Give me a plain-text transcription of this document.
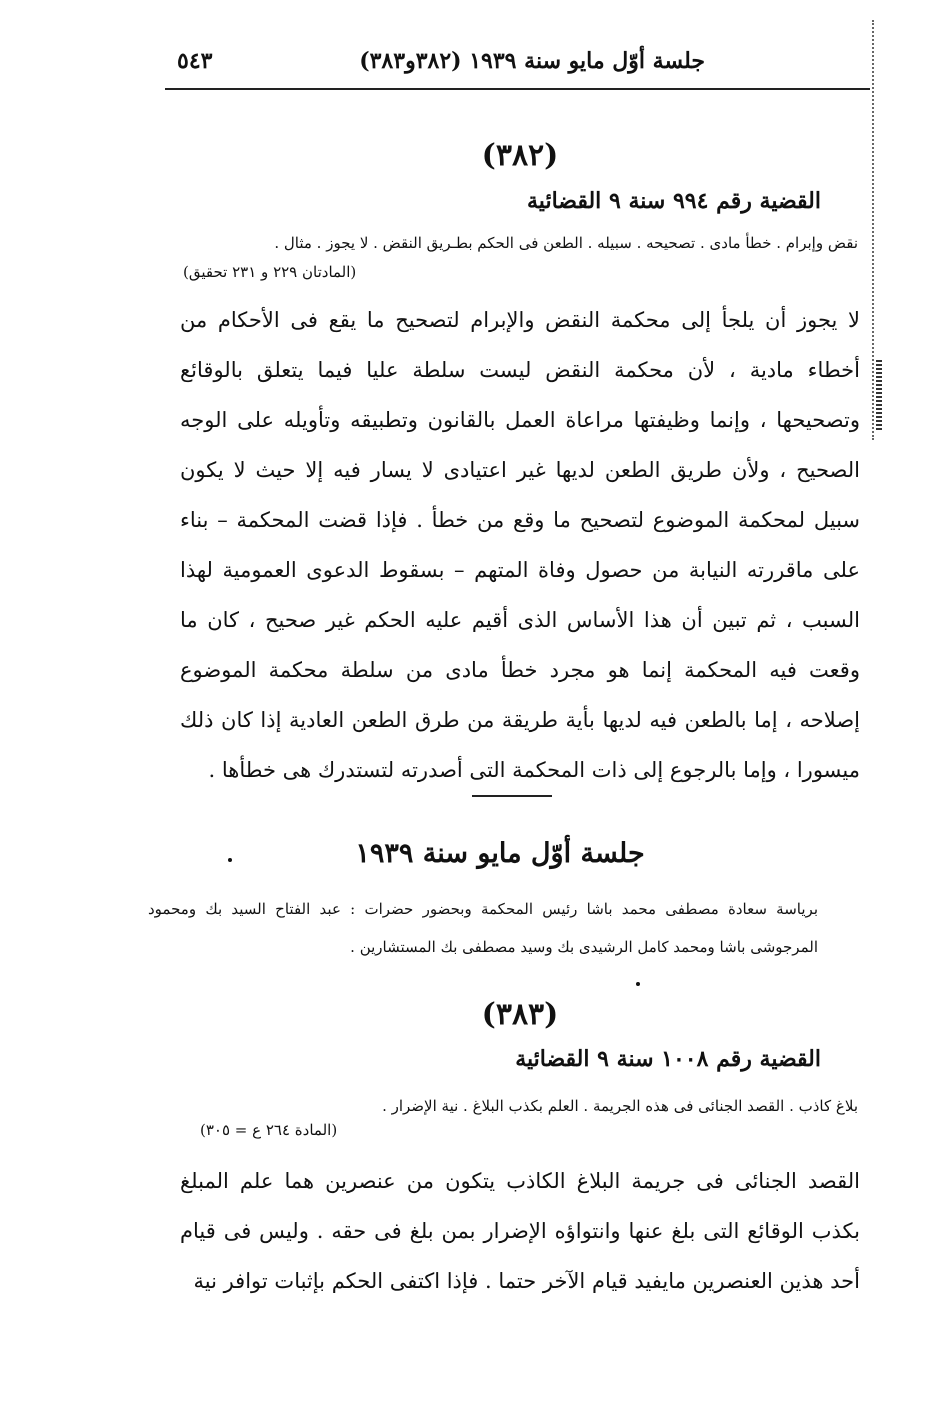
جلسة أوّل مايو سنة ١٩٣٩ (٣٨٢و٣٨٣)
٥٤٣
(٣٨٢)
القضية رقم ٩٩٤ سنة ٩ القضائية
نقض وإبرام . خطأ مادى . تصحيحه . سبيله . الطعن فى الحكم بطـريق النقض . لا يجوز . مثال .
(المادتان ٢٢٩ و ٢٣١ تحقيق)
لا يجوز أن يلجأ إلى محكمة النقض والإبرام لتصحيح ما يقع فى الأحكام من أخطاء مادية ، لأن محكمة النقض ليست سلطة عليا فيما يتعلق بالوقائع وتصحيحها ، وإنما وظيفتها مراعاة العمل بالقانون وتطبيقه وتأويله على الوجه الصحيح ، ولأن طريق الطعن لديها غير اعتيادى لا يسار فيه إلا حيث لا يكون سبيل لمحكمة الموضوع لتصحيح ما وقع من خطأ . فإذا قضت المحكمة – بناء على ماقررته النيابة من حصول وفاة المتهم – بسقوط الدعوى العمومية لهذا السبب ، ثم تبين أن هذا الأساس الذى أقيم عليه الحكم غير صحيح ، كان ما وقعت فيه المحكمة إنما هو مجرد خطأ مادى من سلطة محكمة الموضوع إصلاحه ، إما بالطعن فيه لديها بأية طريقة من طرق الطعن العادية إذا كان ذلك ميسورا ، وإما بالرجوع إلى ذات المحكمة التى أصدرته لتستدرك هى خطأها .
جلسة أوّل مايو سنة ١٩٣٩
برياسة سعادة مصطفى محمد باشا رئيس المحكمة وبحضور حضرات : عبد الفتاح السيد بك ومحمود المرجوشى باشا ومحمد كامل الرشيدى بك وسيد مصطفى بك المستشارين .
(٣٨٣)
القضية رقم ١٠٠٨ سنة ٩ القضائية
بلاغ كاذب . القصد الجنائى فى هذه الجريمة . العلم بكذب البلاغ . نية الإضرار .
(المادة ٢٦٤ ع = ٣٠٥)
القصد الجنائى فى جريمة البلاغ الكاذب يتكون من عنصرين هما علم المبلغ بكذب الوقائع التى بلغ عنها وانتواؤه الإضرار بمن بلغ فى حقه . وليس فى قيام أحد هذين العنصرين مايفيد قيام الآخر حتما . فإذا اكتفى الحكم بإثبات توافر نية
